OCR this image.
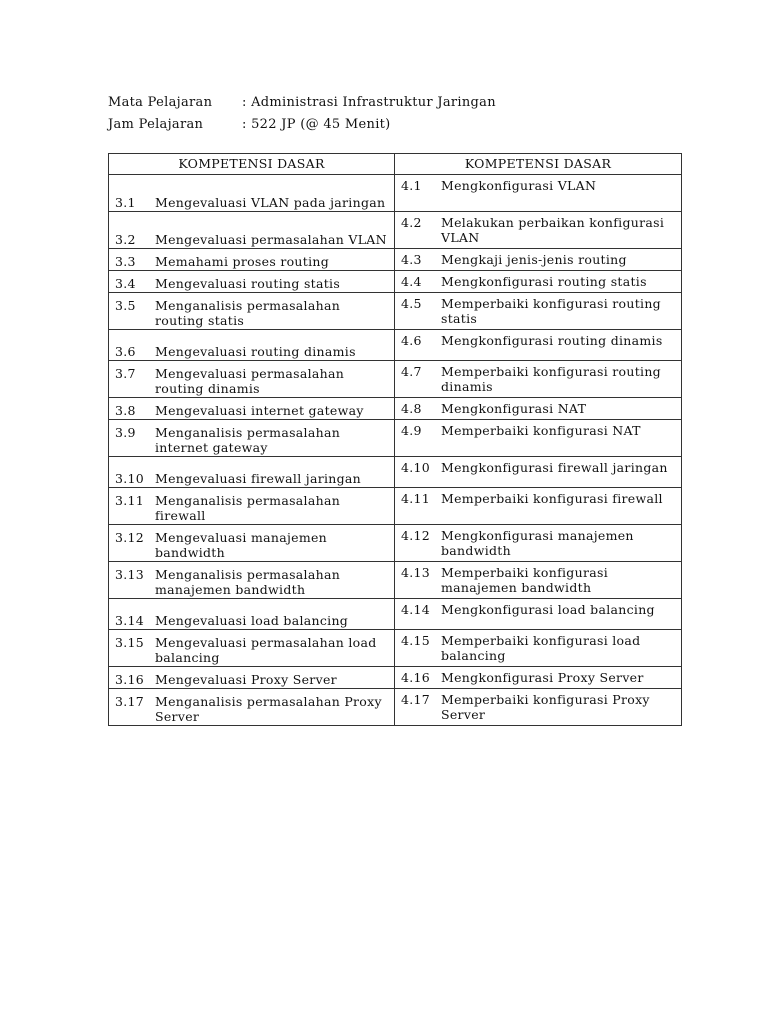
Mata Pelajaran	: Administrasi Infrastruktur Jaringan
Jam Pelajaran	: 522 JP (@ 45 Menit)
KOMPETENSI DASAR	KOMPETENSI DASAR

3.1 Mengevaluasi VLAN pada jaringan	4.1 Mengkonfigurasi VLAN

3.2 Mengevaluasi permasalahan VLAN	4.2 Melakukan perbaikan konfigurasi VLAN

3.3 Memahami proses routing	4.3 Mengkaji jenis-jenis routing

3.4 Mengevaluasi routing statis	4.4 Mengkonfigurasi routing statis

3.5 Menganalisis permasalahan routing statis	4.5 Memperbaiki konfigurasi routing statis

3.6 Mengevaluasi routing dinamis	4.6 Mengkonfigurasi routing dinamis

3.7 Mengevaluasi permasalahan routing dinamis	4.7 Memperbaiki konfigurasi routing dinamis

3.8 Mengevaluasi internet gateway	4.8 Mengkonfigurasi NAT

3.9 Menganalisis permasalahan internet gateway	4.9 Memperbaiki konfigurasi NAT

3.10 Mengevaluasi firewall jaringan	4.10 Mengkonfigurasi firewall jaringan

3.11 Menganalisis permasalahan firewall	4.11 Memperbaiki konfigurasi firewall

3.12 Mengevaluasi manajemen bandwidth	4.12 Mengkonfigurasi manajemen bandwidth

3.13 Menganalisis permasalahan manajemen bandwidth	4.13 Memperbaiki konfigurasi manajemen bandwidth

3.14 Mengevaluasi load balancing	4.14 Mengkonfigurasi load balancing

3.15 Mengevaluasi permasalahan load balancing	4.15 Memperbaiki konfigurasi load balancing

3.16 Mengevaluasi Proxy Server	4.16 Mengkonfigurasi Proxy Server

3.17 Menganalisis permasalahan Proxy Server	4.17 Memperbaiki konfigurasi Proxy Server
